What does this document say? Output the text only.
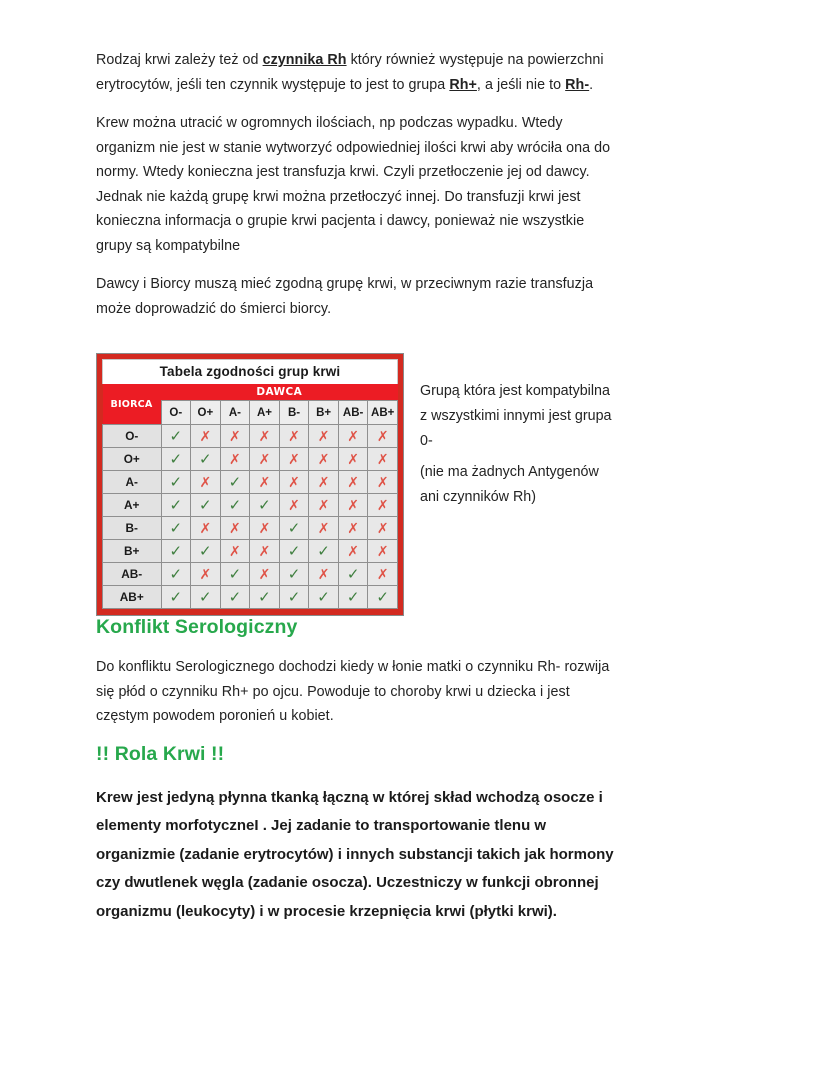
Rodzaj krwi zależy też od czynnika Rh który również występuje na powierzchni erytrocytów, jeśli ten czynnik występuje to jest to grupa Rh+, a jeśli nie to Rh-.

Krew można utracić w ogromnych ilościach, np podczas wypadku. Wtedy organizm nie jest w stanie wytworzyć odpowiedniej ilości krwi aby wróciła ona do normy. Wtedy konieczna jest transfuzja krwi. Czyli przetłoczenie jej od dawcy. Jednak nie każdą grupę krwi można przetłoczyć innej. Do transfuzji krwi jest konieczna informacja o grupie krwi pacjenta i dawcy, ponieważ nie wszystkie grupy są kompatybilne

Dawcy i Biorcy muszą mieć zgodną grupę krwi, w przeciwnym razie transfuzja może doprowadzić do śmierci biorcy.

Tabela zgodności grup krwi
BIORCA	DAWCA							
	O-	O+	A-	A+	B-	B+	AB-	AB+
O-	✓	✗	✗	✗	✗	✗	✗	✗
O+	✓	✓	✗	✗	✗	✗	✗	✗
A-	✓	✗	✓	✗	✗	✗	✗	✗
A+	✓	✓	✓	✓	✗	✗	✗	✗
B-	✓	✗	✗	✗	✓	✗	✗	✗
B+	✓	✓	✗	✗	✓	✓	✗	✗
AB-	✓	✗	✓	✗	✓	✗	✓	✗
AB+	✓	✓	✓	✓	✓	✓	✓	✓

Grupą która jest kompatybilna z wszystkimi innymi jest grupa 0-

(nie ma żadnych Antygenów ani czynników Rh)

Konflikt Serologiczny

Do konfliktu Serologicznego dochodzi kiedy w łonie matki o czynniku Rh- rozwija się płód o czynniku Rh+ po ojcu. Powoduje to choroby krwi u dziecka i jest częstym powodem poronień u kobiet.

!! Rola Krwi !!

Krew jest jedyną płynna tkanką łączną w której skład wchodzą osocze i elementy morfotyczneI . Jej zadanie to transportowanie tlenu w organizmie (zadanie erytrocytów) i innych substancji takich jak hormony czy dwutlenek węgla (zadanie osocza). Uczestniczy w funkcji obronnej organizmu (leukocyty) i w procesie krzepnięcia krwi (płytki krwi).
